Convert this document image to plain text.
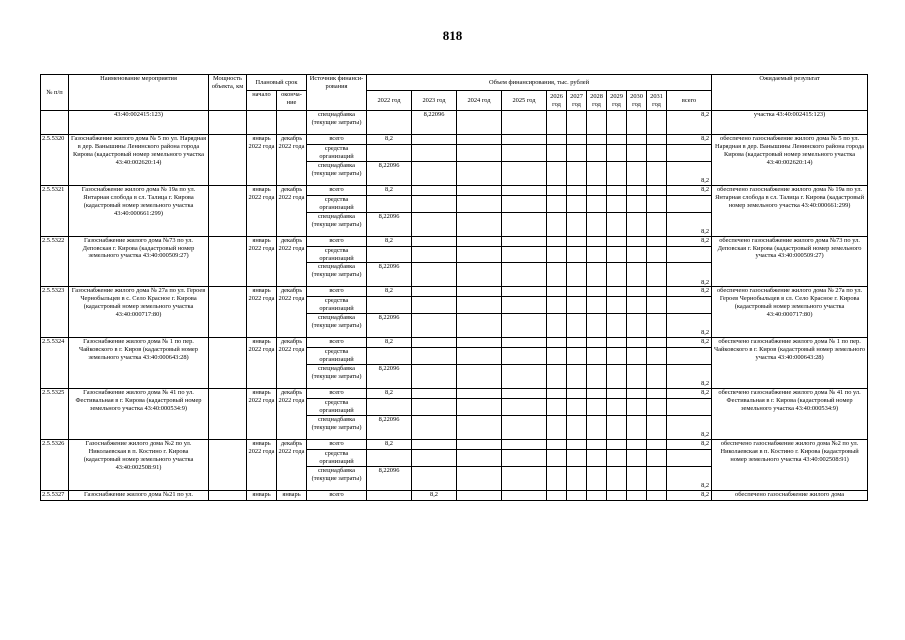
818
№ п/п	Наименование мероприятия	Мощность объекта, км	Плановый срок		Источник финанси-рования	Объем финансирования, тыс. рублей											Ожидаемый результат
			начало	оконча-ние		2022 год	2023 год	2024 год	2025 год	2026 год	2027 год	2028 год	2029 год	2030 год	2031 год	всего	

	43:40:002415:123)				спецнадбавка (текущие затраты)		8,22096									8,2	участка 43:40:002415:123)
2.5.5320	Газоснабжение жилого дома № 5 по ул. Нарядная в дер. Ванышины Ленинского района города Кирова (кадастровый номер земельного участка 43:40:002620:14)		январь 2022 года	декабрь 2022 года	всего	8,2										8,2	обеспечено газоснабжение жилого дома № 5 по ул. Нарядная в дер. Ванышины Ленинского района города Кирова (кадастровый номер земельного участка 43:40:002620:14)
					средства организаций												
					спецнадбавка (текущие затраты)	8,22096										8,2	
2.5.5321	Газоснабжение жилого дома № 19а по ул. Янтарная слобода в сл. Талица г. Кирова (кадастровый номер земельного участка 43:40:000661:299)		январь 2022 года	декабрь 2022 года	всего	8,2										8,2	обеспечено газоснабжение жилого дома № 19а по ул. Янтарная слобода в сл. Талица г. Кирова (кадастровый номер земельного участка 43:40:000661:299)
					средства организаций												
					спецнадбавка (текущие затраты)	8,22096										8,2	
2.5.5322	Газоснабжение жилого дома №73 по ул. Деповская г. Кирова (кадастровый номер земельного участка 43:40:000509:27)		январь 2022 года	декабрь 2022 года	всего	8,2										8,2	обеспечено газоснабжение жилого дома №73 по ул. Деповская г. Кирова (кадастровый номер земельного участка 43:40:000509:27)
					средства организаций												
					спецнадбавка (текущие затраты)	8,22096										8,2	
2.5.5323	Газоснабжение жилого дома № 27а по ул. Героев Чернобыльцев в с. Село Красное г. Кирова (кадастровый номер земельного участка 43:40:000717:80)		январь 2022 года	декабрь 2022 года	всего	8,2										8,2	обеспечено газоснабжение жилого дома № 27а по ул. Героев Чернобыльцев в сл. Село Красное г. Кирова (кадастровый номер земельного участка 43:40:000717:80)
					средства организаций												
					спецнадбавка (текущие затраты)	8,22096										8,2	
2.5.5324	Газоснабжение жилого дома № 1 по пер. Чайковского в г. Киров (кадастровый номер земельного участка 43:40:000643:28)		январь 2022 года	декабрь 2022 года	всего	8,2										8,2	обеспечено газоснабжение жилого дома № 1 по пер. Чайковского в г. Киров (кадастровый номер земельного участка 43:40:000643:28)
					средства организаций												
					спецнадбавка (текущие затраты)	8,22096										8,2	
2.5.5325	Газоснабжение жилого дома № 41 по ул. Фестивальная в г. Кирова (кадастровый номер земельного участка 43:40:000534:9)		январь 2022 года	декабрь 2022 года	всего	8,2										8,2	обеспечено газоснабжение жилого дома № 41 по ул. Фестивальная в г. Кирова (кадастровый номер земельного участка 43:40:000534:9)
					средства организаций												
					спецнадбавка (текущие затраты)	8,22096										8,2	
2.5.5326	Газоснабжение жилого дома №2 по ул. Николаевская в п. Костино г. Кирова (кадастровый номер земельного участка 43:40:002508:91)		январь 2022 года	декабрь 2022 года	всего	8,2										8,2	обеспечено газоснабжение жилого дома №2 по ул. Николаевская в п. Костино г. Кирова (кадастровый номер земельного участка 43:40:002508:91)
					средства организаций												
					спецнадбавка (текущие затраты)	8,22096										8,2	
2.5.5327	Газоснабжение жилого дома №21 по ул.		январь	январь	всего		8,2									8,2	обеспечено газоснабжение жилого дома
